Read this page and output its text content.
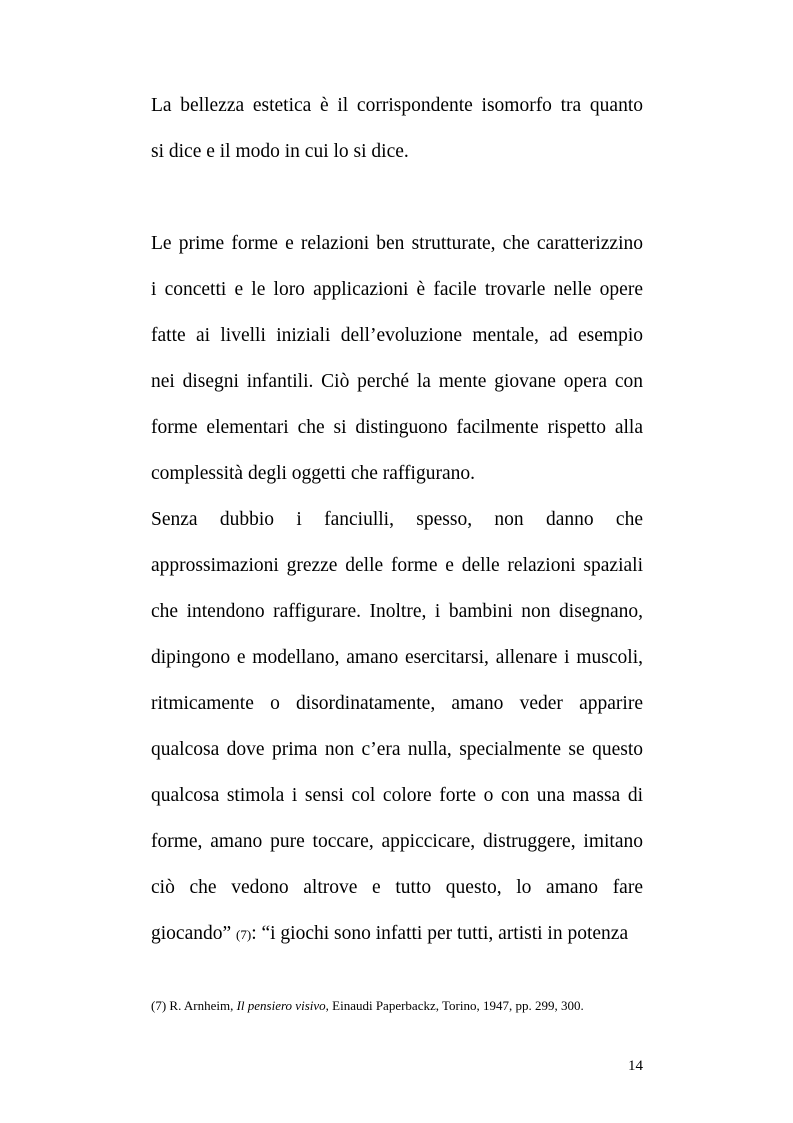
La bellezza estetica è il corrispondente isomorfo tra quanto
si dice e il modo in cui lo si dice.
Le prime forme e relazioni ben strutturate, che caratterizzino
i concetti e le loro applicazioni è facile trovarle nelle opere
fatte ai livelli iniziali dell’evoluzione mentale, ad esempio
nei disegni infantili. Ciò perché la mente giovane opera con
forme elementari che si distinguono facilmente rispetto alla
complessità degli oggetti che raffigurano.
Senza dubbio i fanciulli, spesso, non danno che
approssimazioni grezze delle forme e delle relazioni spaziali
che intendono raffigurare. Inoltre, i bambini non disegnano,
dipingono e modellano, amano esercitarsi, allenare i muscoli,
ritmicamente o disordinatamente, amano veder apparire
qualcosa dove prima non c’era nulla, specialmente se questo
qualcosa stimola i sensi col colore forte o con una massa di
forme, amano pure toccare, appiccicare, distruggere, imitano
ciò che vedono altrove e tutto questo, lo amano fare
giocando” (7): “i giochi sono infatti per tutti, artisti in potenza
(7) R. Arnheim, Il pensiero visivo, Einaudi Paperbackz, Torino, 1947, pp. 299, 300.
14
